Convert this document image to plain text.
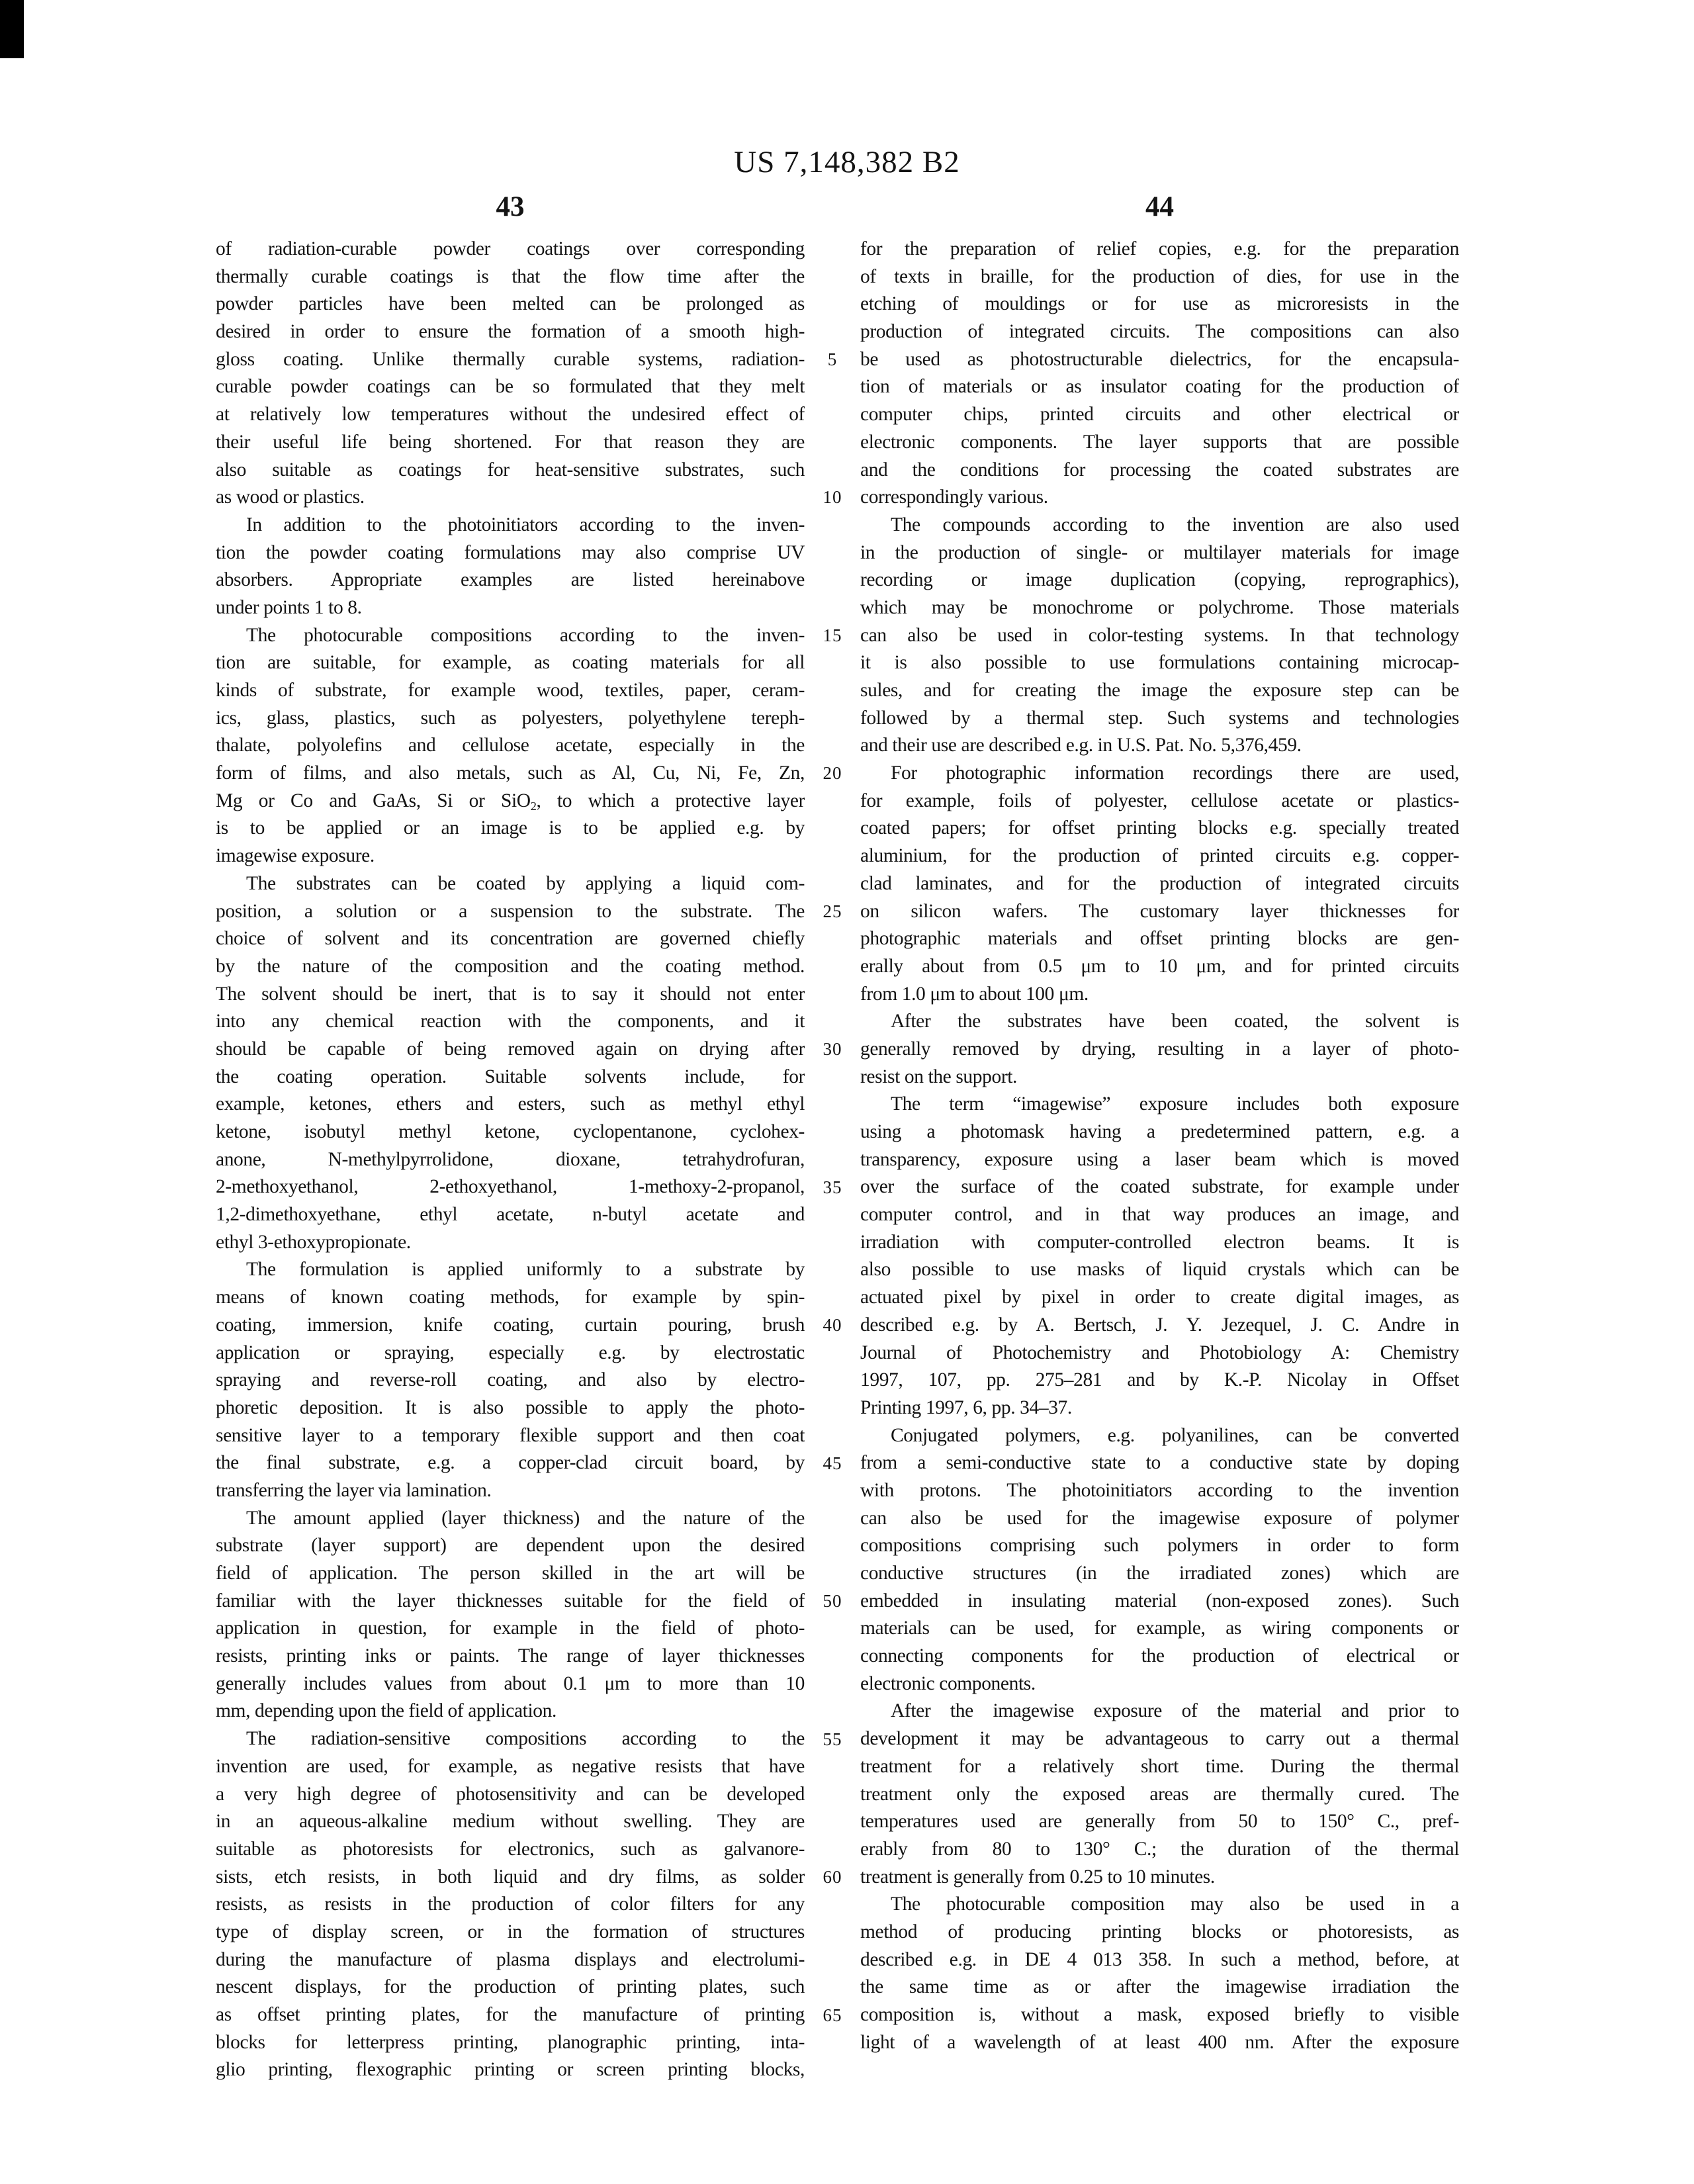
US 7,148,382 B2
43	44
of radiation-curable powder coatings over corresponding
thermally curable coatings is that the flow time after the
powder particles have been melted can be prolonged as
desired in order to ensure the formation of a smooth high-
gloss coating. Unlike thermally curable systems, radiation-
curable powder coatings can be so formulated that they melt
at relatively low temperatures without the undesired effect of
their useful life being shortened. For that reason they are
also suitable as coatings for heat-sensitive substrates, such
as wood or plastics.
In addition to the photoinitiators according to the inven-
tion the powder coating formulations may also comprise UV
absorbers. Appropriate examples are listed hereinabove
under points 1 to 8.
The photocurable compositions according to the inven-
tion are suitable, for example, as coating materials for all
kinds of substrate, for example wood, textiles, paper, ceram-
ics, glass, plastics, such as polyesters, polyethylene tereph-
thalate, polyolefins and cellulose acetate, especially in the
form of films, and also metals, such as Al, Cu, Ni, Fe, Zn,
Mg or Co and GaAs, Si or SiO$_2$, to which a protective layer
is to be applied or an image is to be applied e.g. by
imagewise exposure.
The substrates can be coated by applying a liquid com-
position, a solution or a suspension to the substrate. The
choice of solvent and its concentration are governed chiefly
by the nature of the composition and the coating method.
The solvent should be inert, that is to say it should not enter
into any chemical reaction with the components, and it
should be capable of being removed again on drying after
the coating operation. Suitable solvents include, for
example, ketones, ethers and esters, such as methyl ethyl
ketone, isobutyl methyl ketone, cyclopentanone, cyclohex-
anone, N-methylpyrrolidone, dioxane, tetrahydrofuran,
2-methoxyethanol, 2-ethoxyethanol, 1-methoxy-2-propanol,
1,2-dimethoxyethane, ethyl acetate, n-butyl acetate and
ethyl 3-ethoxypropionate.
The formulation is applied uniformly to a substrate by
means of known coating methods, for example by spin-
coating, immersion, knife coating, curtain pouring, brush
application or spraying, especially e.g. by electrostatic
spraying and reverse-roll coating, and also by electro-
phoretic deposition. It is also possible to apply the photo-
sensitive layer to a temporary flexible support and then coat
the final substrate, e.g. a copper-clad circuit board, by
transferring the layer via lamination.
The amount applied (layer thickness) and the nature of the
substrate (layer support) are dependent upon the desired
field of application. The person skilled in the art will be
familiar with the layer thicknesses suitable for the field of
application in question, for example in the field of photo-
resists, printing inks or paints. The range of layer thicknesses
generally includes values from about 0.1 μm to more than 10
mm, depending upon the field of application.
The radiation-sensitive compositions according to the
invention are used, for example, as negative resists that have
a very high degree of photosensitivity and can be developed
in an aqueous-alkaline medium without swelling. They are
suitable as photoresists for electronics, such as galvanore-
sists, etch resists, in both liquid and dry films, as solder
resists, as resists in the production of color filters for any
type of display screen, or in the formation of structures
during the manufacture of plasma displays and electrolumi-
nescent displays, for the production of printing plates, such
as offset printing plates, for the manufacture of printing
blocks for letterpress printing, planographic printing, inta-
glio printing, flexographic printing or screen printing blocks,
5
10
15
20
25
30
35
40
45
50
55
60
65
for the preparation of relief copies, e.g. for the preparation
of texts in braille, for the production of dies, for use in the
etching of mouldings or for use as microresists in the
production of integrated circuits. The compositions can also
be used as photostructurable dielectrics, for the encapsula-
tion of materials or as insulator coating for the production of
computer chips, printed circuits and other electrical or
electronic components. The layer supports that are possible
and the conditions for processing the coated substrates are
correspondingly various.
The compounds according to the invention are also used
in the production of single- or multilayer materials for image
recording or image duplication (copying, reprographics),
which may be monochrome or polychrome. Those materials
can also be used in color-testing systems. In that technology
it is also possible to use formulations containing microcap-
sules, and for creating the image the exposure step can be
followed by a thermal step. Such systems and technologies
and their use are described e.g. in U.S. Pat. No. 5,376,459.
For photographic information recordings there are used,
for example, foils of polyester, cellulose acetate or plastics-
coated papers; for offset printing blocks e.g. specially treated
aluminium, for the production of printed circuits e.g. copper-
clad laminates, and for the production of integrated circuits
on silicon wafers. The customary layer thicknesses for
photographic materials and offset printing blocks are gen-
erally about from 0.5 μm to 10 μm, and for printed circuits
from 1.0 μm to about 100 μm.
After the substrates have been coated, the solvent is
generally removed by drying, resulting in a layer of photo-
resist on the support.
The term “imagewise” exposure includes both exposure
using a photomask having a predetermined pattern, e.g. a
transparency, exposure using a laser beam which is moved
over the surface of the coated substrate, for example under
computer control, and in that way produces an image, and
irradiation with computer-controlled electron beams. It is
also possible to use masks of liquid crystals which can be
actuated pixel by pixel in order to create digital images, as
described e.g. by A. Bertsch, J. Y. Jezequel, J. C. Andre in
Journal of Photochemistry and Photobiology A: Chemistry
1997, 107, pp. 275–281 and by K.-P. Nicolay in Offset
Printing 1997, 6, pp. 34–37.
Conjugated polymers, e.g. polyanilines, can be converted
from a semi-conductive state to a conductive state by doping
with protons. The photoinitiators according to the invention
can also be used for the imagewise exposure of polymer
compositions comprising such polymers in order to form
conductive structures (in the irradiated zones) which are
embedded in insulating material (non-exposed zones). Such
materials can be used, for example, as wiring components or
connecting components for the production of electrical or
electronic components.
After the imagewise exposure of the material and prior to
development it may be advantageous to carry out a thermal
treatment for a relatively short time. During the thermal
treatment only the exposed areas are thermally cured. The
temperatures used are generally from 50 to 150° C., pref-
erably from 80 to 130° C.; the duration of the thermal
treatment is generally from 0.25 to 10 minutes.
The photocurable composition may also be used in a
method of producing printing blocks or photoresists, as
described e.g. in DE 4 013 358. In such a method, before, at
the same time as or after the imagewise irradiation the
composition is, without a mask, exposed briefly to visible
light of a wavelength of at least 400 nm. After the exposure
